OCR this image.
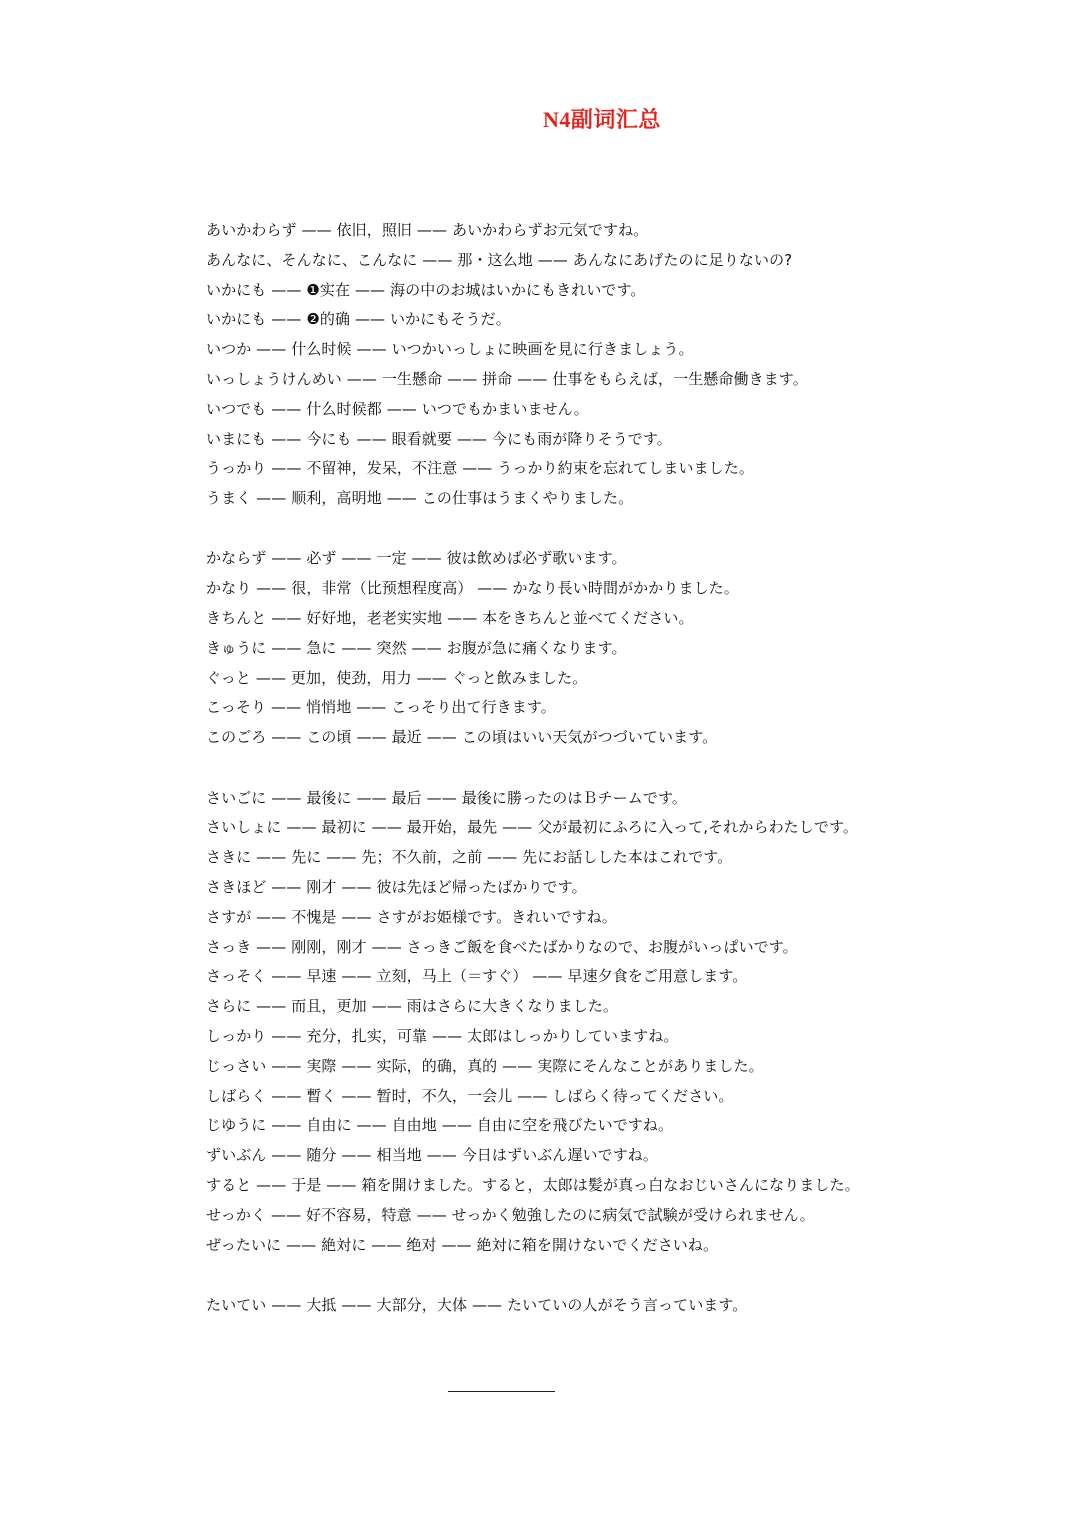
N4副词汇总
あいかわらず —— 依旧，照旧 —— あいかわらずお元気ですね。
あんなに、そんなに、こんなに —— 那・这么地 —— あんなにあげたのに足りないの?
いかにも —— ❶实在 —— 海の中のお城はいかにもきれいです。
いかにも —— ❷的确 —— いかにもそうだ。
いつか —— 什么时候 —— いつかいっしょに映画を見に行きましょう。
いっしょうけんめい —— 一生懸命 —— 拼命 —— 仕事をもらえば，一生懸命働きます。
いつでも —— 什么时候都 —— いつでもかまいません。
いまにも —— 今にも —— 眼看就要 —— 今にも雨が降りそうです。
うっかり —— 不留神，发呆，不注意 —— うっかり約束を忘れてしまいました。
うまく —— 顺利，高明地 —— この仕事はうまくやりました。
かならず —— 必ず —— 一定 —— 彼は飲めば必ず歌います。
かなり —— 很，非常（比预想程度高） —— かなり長い時間がかかりました。
きちんと —— 好好地，老老实实地 —— 本をきちんと並べてください。
きゅうに —— 急に —— 突然 —— お腹が急に痛くなります。
ぐっと —— 更加，使劲，用力 —— ぐっと飲みました。
こっそり —— 悄悄地 —— こっそり出て行きます。
このごろ —— この頃 —— 最近 —— この頃はいい天気がつづいています。
さいごに —— 最後に —— 最后 —— 最後に勝ったのはＢチームです。
さいしょに —— 最初に —— 最开始，最先 —— 父が最初にふろに入って,それからわたしです。
さきに —— 先に —— 先；不久前，之前 —— 先にお話しした本はこれです。
さきほど —— 刚才 —— 彼は先ほど帰ったばかりです。
さすが —— 不愧是 —— さすがお姫様です。きれいですね。
さっき —— 刚刚，刚才 —— さっきご飯を食べたばかりなので、お腹がいっぱいです。
さっそく —— 早速 —— 立刻，马上（＝すぐ） —— 早速夕食をご用意します。
さらに —— 而且，更加 —— 雨はさらに大きくなりました。
しっかり —— 充分，扎实，可靠 —— 太郎はしっかりしていますね。
じっさい —— 実際 —— 实际，的确，真的 —— 実際にそんなことがありました。
しばらく —— 暫く —— 暂时，不久，一会儿 —— しばらく待ってください。
じゆうに —— 自由に —— 自由地 —— 自由に空を飛びたいですね。
ずいぶん —— 随分 —— 相当地 —— 今日はずいぶん遅いですね。
すると —— 于是 —— 箱を開けました。すると，太郎は髪が真っ白なおじいさんになりました。
せっかく —— 好不容易，特意 —— せっかく勉強したのに病気で試験が受けられません。
ぜったいに —— 絶対に —— 绝对 —— 絶対に箱を開けないでくださいね。
たいてい —— 大抵 —— 大部分，大体 —— たいていの人がそう言っています。
